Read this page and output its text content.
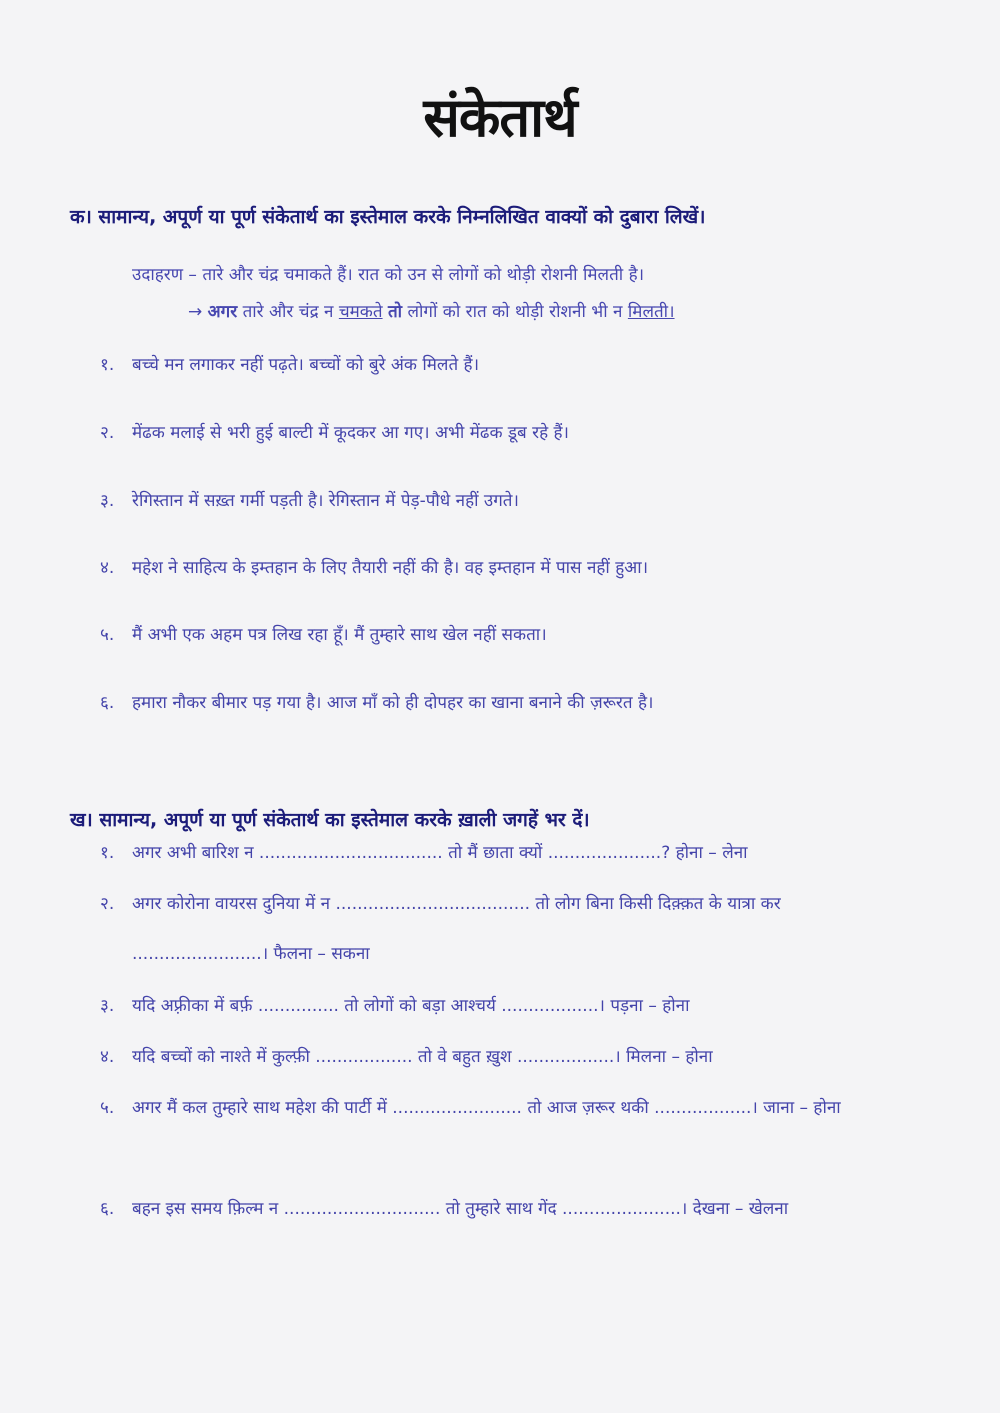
संकेतार्थ
क। सामान्य, अपूर्ण या पूर्ण संकेतार्थ का इस्तेमाल करके निम्नलिखित वाक्यों को दुबारा लिखें।
उदाहरण – तारे और चंद्र चमाकते हैं। रात को उन से लोगों को थोड़ी रोशनी मिलती है।
→ अगर तारे और चंद्र न चमकते तो लोगों को रात को थोड़ी रोशनी भी न मिलती।
१.	बच्चे मन लगाकर नहीं पढ़ते। बच्चों को बुरे अंक मिलते हैं।
२.	मेंढक मलाई से भरी हुई बाल्टी में कूदकर आ गए। अभी मेंढक डूब रहे हैं।
३.	रेगिस्तान में सख़्त गर्मी पड़ती है। रेगिस्तान में पेड़-पौधे नहीं उगते।
४.	महेश ने साहित्य के इम्तहान के लिए तैयारी नहीं की है। वह इम्तहान में पास नहीं हुआ।
५.	मैं अभी एक अहम पत्र लिख रहा हूँ। मैं तुम्हारे साथ खेल नहीं सकता।
६.	हमारा नौकर बीमार पड़ गया है। आज माँ को ही दोपहर का खाना बनाने की ज़रूरत है।
ख। सामान्य, अपूर्ण या पूर्ण संकेतार्थ का इस्तेमाल करके ख़ाली जगहें भर दें।
१.	अगर अभी बारिश न .................................. तो मैं छाता क्यों .....................? होना – लेना
२.	अगर कोरोना वायरस दुनिया में न .................................... तो लोग बिना किसी दिक़्क़त के यात्रा कर ........................। फैलना – सकना
३.	यदि अफ़्रीका में बर्फ़ ............... तो लोगों को बड़ा आश्चर्य ..................। पड़ना – होना
४.	यदि बच्चों को नाश्ते में कुल्फ़ी .................. तो वे बहुत ख़ुश ..................। मिलना – होना
५.	अगर मैं कल तुम्हारे साथ महेश की पार्टी में ........................ तो आज ज़रूर थकी ..................। जाना – होना
६.	बहन इस समय फ़िल्म न ............................. तो तुम्हारे साथ गेंद ......................। देखना – खेलना
